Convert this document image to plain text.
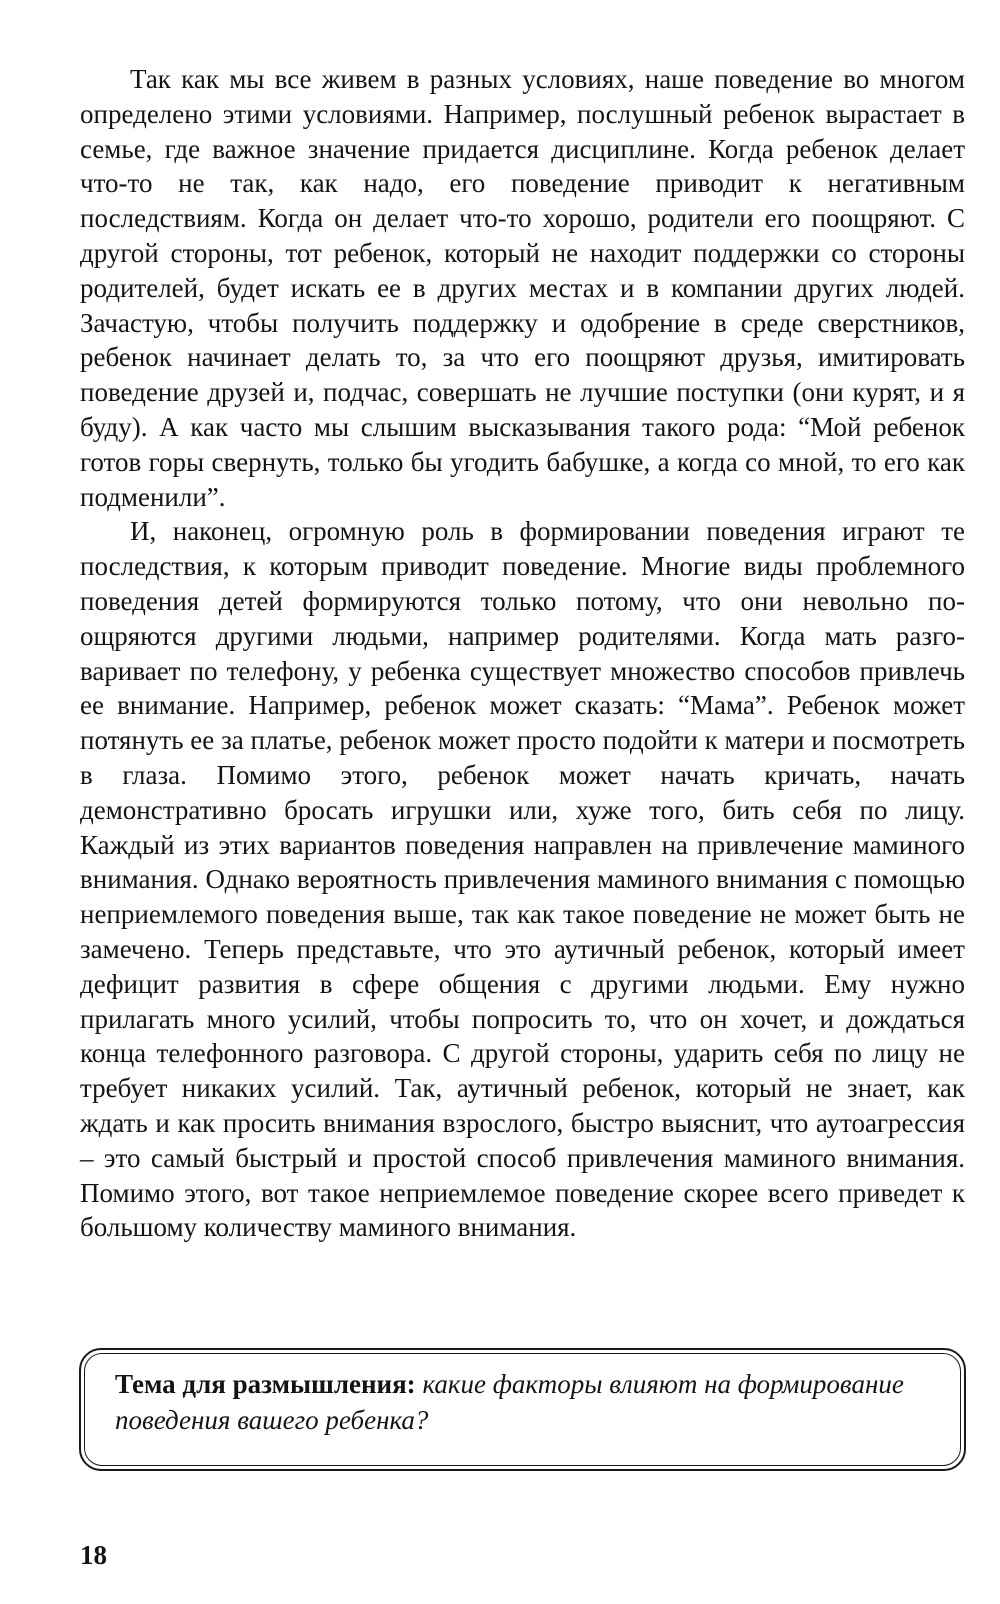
Так как мы все живем в разных условиях, наше поведение во многом определено этими условиями. Например, послушный ребенок вырастает в семье, где важное значение придается дисциплине. Когда ребенок делает что-то не так, как надо, его поведение приводит к негативным последствиям. Когда он делает что-то хорошо, родители его поощряют. С другой стороны, тот ребенок, который не находит поддержки со стороны родителей, будет искать ее в других местах и в компании других людей. Зачастую, чтобы получить поддержку и одобрение в среде сверстников, ребенок начинает делать то, за что его поощряют друзья, имитировать поведение друзей и, подчас, совершать не лучшие поступки (они курят, и я буду). А как часто мы слышим высказывания такого рода: “Мой ребенок готов горы свернуть, только бы угодить бабушке, а когда со мной, то его как подменили”.

И, наконец, огромную роль в формировании поведения играют те последствия, к которым приводит поведение. Многие виды проблемного поведения детей формируются только потому, что они невольно поощряются другими людьми, например родителями. Когда мать разговаривает по телефону, у ребенка существует множество способов привлечь ее внимание. Например, ребенок может сказать: “Мама”. Ребенок может потянуть ее за платье, ребенок может просто подойти к матери и посмотреть в глаза. Помимо этого, ребенок может начать кричать, начать демонстративно бросать игрушки или, хуже того, бить себя по лицу. Каждый из этих вариантов поведения направлен на привлечение маминого внимания. Однако вероятность привлечения маминого внимания с помощью неприемлемого поведения выше, так как такое поведение не может быть не замечено. Теперь представьте, что это аутичный ребенок, который имеет дефицит развития в сфере общения с другими людьми. Ему нужно прилагать много усилий, чтобы попросить то, что он хочет, и дождаться конца телефонного разговора. С другой стороны, ударить себя по лицу не требует никаких усилий. Так, аутичный ребенок, который не знает, как ждать и как просить внимания взрослого, быстро выяснит, что аутоагрессия – это самый быстрый и простой способ привлечения маминого внимания. Помимо этого, вот такое неприемлемое поведение скорее всего приведет к большому количеству маминого внимания.

Тема для размышления: какие факторы влияют на формирование поведения вашего ребенка?
18
